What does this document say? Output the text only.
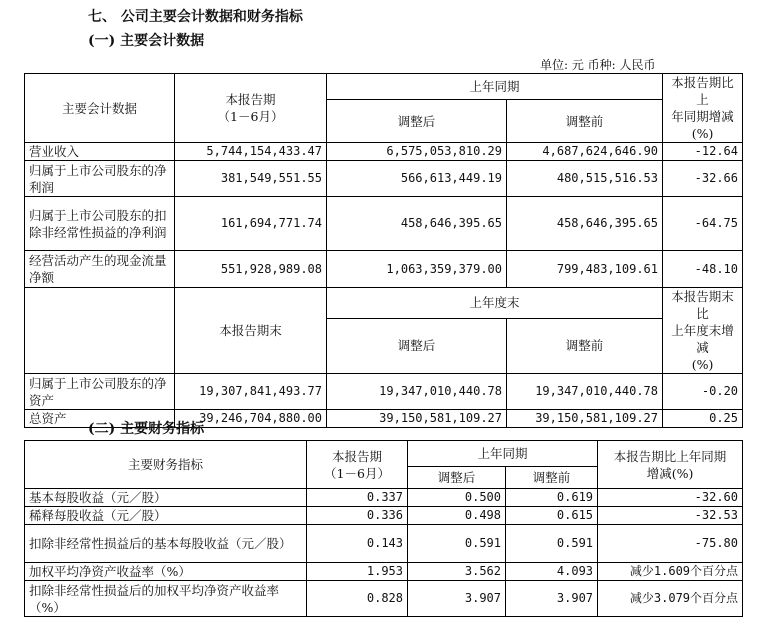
七、 公司主要会计数据和财务指标
(一) 主要会计数据
单位: 元 币种: 人民币
主要会计数据	本报告期
（1－6月）	上年同期		本报告期比上
年同期增减
(%)
		调整后	调整前	
营业收入	5,744,154,433.47	6,575,053,810.29	4,687,624,646.90	-12.64
归属于上市公司股东的净利润	381,549,551.55	566,613,449.19	480,515,516.53	-32.66
归属于上市公司股东的扣除非经常性损益的净利润	161,694,771.74	458,646,395.65	458,646,395.65	-64.75
经营活动产生的现金流量净额	551,928,989.08	1,063,359,379.00	799,483,109.61	-48.10
	本报告期末	上年度末		本报告期末比
上年度末增减
(%)
		调整后	调整前	
归属于上市公司股东的净资产	19,307,841,493.77	19,347,010,440.78	19,347,010,440.78	-0.20
总资产	39,246,704,880.00	39,150,581,109.27	39,150,581,109.27	0.25
(二) 主要财务指标
主要财务指标	本报告期
（1－6月）	上年同期		本报告期比上年同期
增减(%)
		调整后	调整前	
基本每股收益（元／股）	0.337	0.500	0.619	-32.60
稀释每股收益（元／股）	0.336	0.498	0.615	-32.53
扣除非经常性损益后的基本每股收益（元／股）	0.143	0.591	0.591	-75.80
加权平均净资产收益率（%）	1.953	3.562	4.093	减少1.609个百分点
扣除非经常性损益后的加权平均净资产收益率（%）	0.828	3.907	3.907	减少3.079个百分点
